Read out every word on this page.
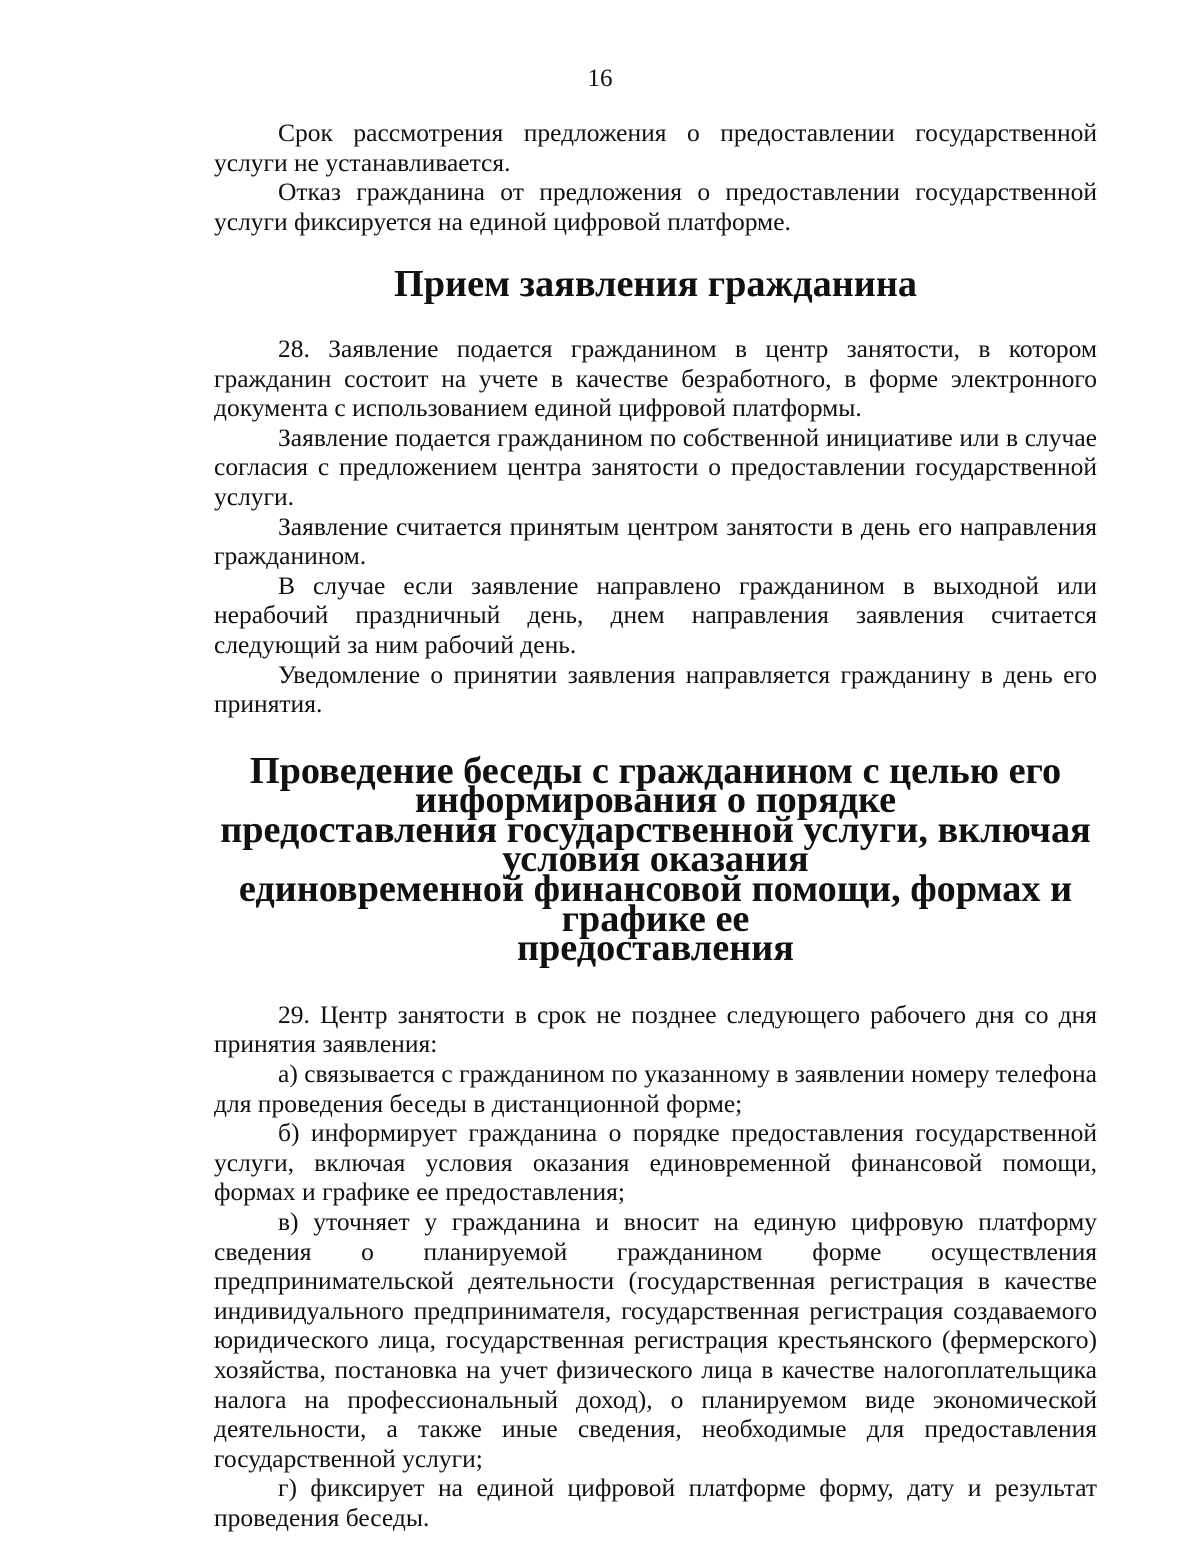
16

Срок рассмотрения предложения о предоставлении государственной услуги не устанавливается.

Отказ гражданина от предложения о предоставлении государственной услуги фиксируется на единой цифровой платформе.

Прием заявления гражданина

28. Заявление подается гражданином в центр занятости, в котором гражданин состоит на учете в качестве безработного, в форме электронного документа с использованием единой цифровой платформы.

Заявление подается гражданином по собственной инициативе или в случае согласия с предложением центра занятости о предоставлении государственной услуги.

Заявление считается принятым центром занятости в день его направления гражданином.

В случае если заявление направлено гражданином в выходной или нерабочий праздничный день, днем направления заявления считается следующий за ним рабочий день.

Уведомление о принятии заявления направляется гражданину в день его принятия.

Проведение беседы с гражданином с целью его информирования о порядке
предоставления государственной услуги, включая условия оказания
единовременной финансовой помощи, формах и графике ее
предоставления

29. Центр занятости в срок не позднее следующего рабочего дня со дня принятия заявления:

а) связывается с гражданином по указанному в заявлении номеру телефона для проведения беседы в дистанционной форме;

б) информирует гражданина о порядке предоставления государственной услуги, включая условия оказания единовременной финансовой помощи, формах и графике ее предоставления;

в) уточняет у гражданина и вносит на единую цифровую платформу сведения о планируемой гражданином форме осуществления предпринимательской деятельности (государственная регистрация в качестве индивидуального предпринимателя, государственная регистрация создаваемого юридического лица, государственная регистрация крестьянского (фермерского) хозяйства, постановка на учет физического лица в качестве налогоплательщика налога на профессиональный доход), о планируемом виде экономической деятельности, а также иные сведения, необходимые для предоставления государственной услуги;

г) фиксирует на единой цифровой платформе форму, дату и результат проведения беседы.
